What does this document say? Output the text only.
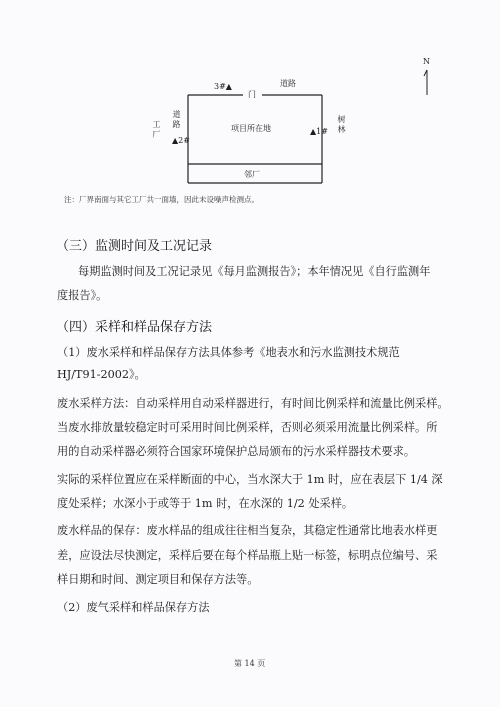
N
3#▲
门
道路
道路
工厂
▲2#
项目所在地	▲1#
树林
邻厂
注：厂界南面与其它工厂共一面墙，因此未设噪声检测点。
（三）监测时间及工况记录
每期监测时间及工况记录见《每月监测报告》；本年情况见《自行监测年
度报告》。
（四）采样和样品保存方法
（1）废水采样和样品保存方法具体参考《地表水和污水监测技术规范
HJ/T91-2002》。
废水采样方法：自动采样用自动采样器进行，有时间比例采样和流量比例采样。
当废水排放量较稳定时可采用时间比例采样，否则必须采用流量比例采样。所
用的自动采样器必须符合国家环境保护总局颁布的污水采样器技术要求。
实际的采样位置应在采样断面的中心，当水深大于 1m 时，应在表层下 1/4 深
度处采样；水深小于或等于 1m 时，在水深的 1/2 处采样。
废水样品的保存：废水样品的组成往往相当复杂，其稳定性通常比地表水样更
差，应设法尽快测定，采样后要在每个样品瓶上贴一标签，标明点位编号、采
样日期和时间、测定项目和保存方法等。
（2）废气采样和样品保存方法
第 14 页
